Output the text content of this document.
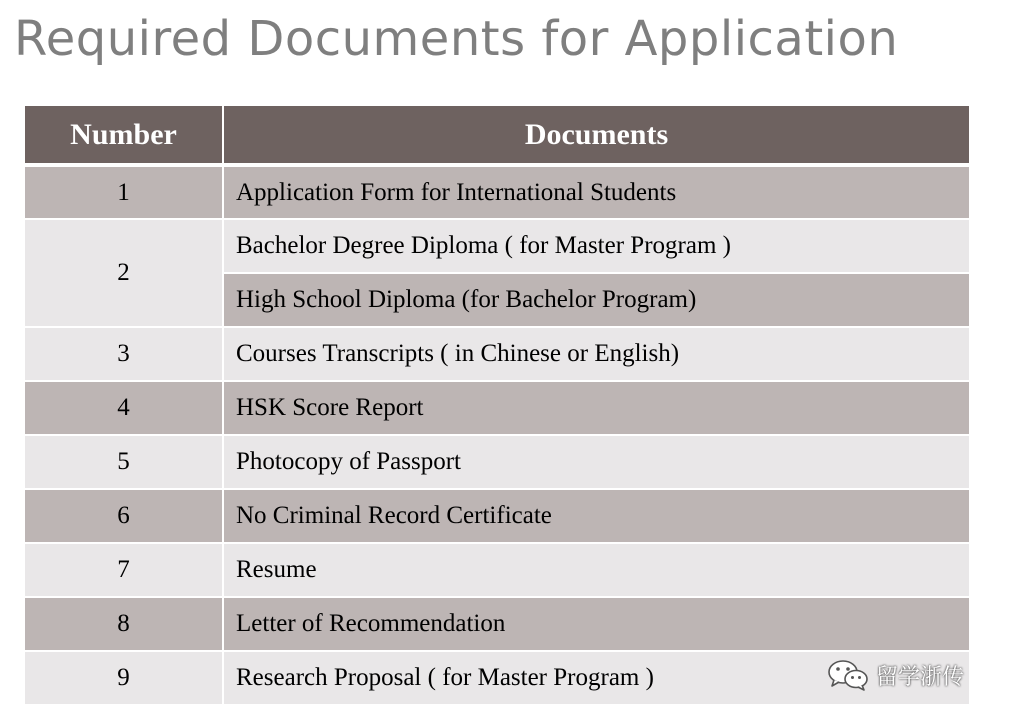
Required Documents for Application
Number	Documents
1	Application Form for International Students
2	Bachelor Degree Diploma ( for Master Program )
	High School Diploma (for Bachelor Program)
3	Courses Transcripts ( in Chinese or English)
4	HSK Score Report
5	Photocopy of Passport
6	No Criminal Record Certificate
7	Resume
8	Letter of Recommendation
9	Research Proposal ( for Master Program )	留学浙传
